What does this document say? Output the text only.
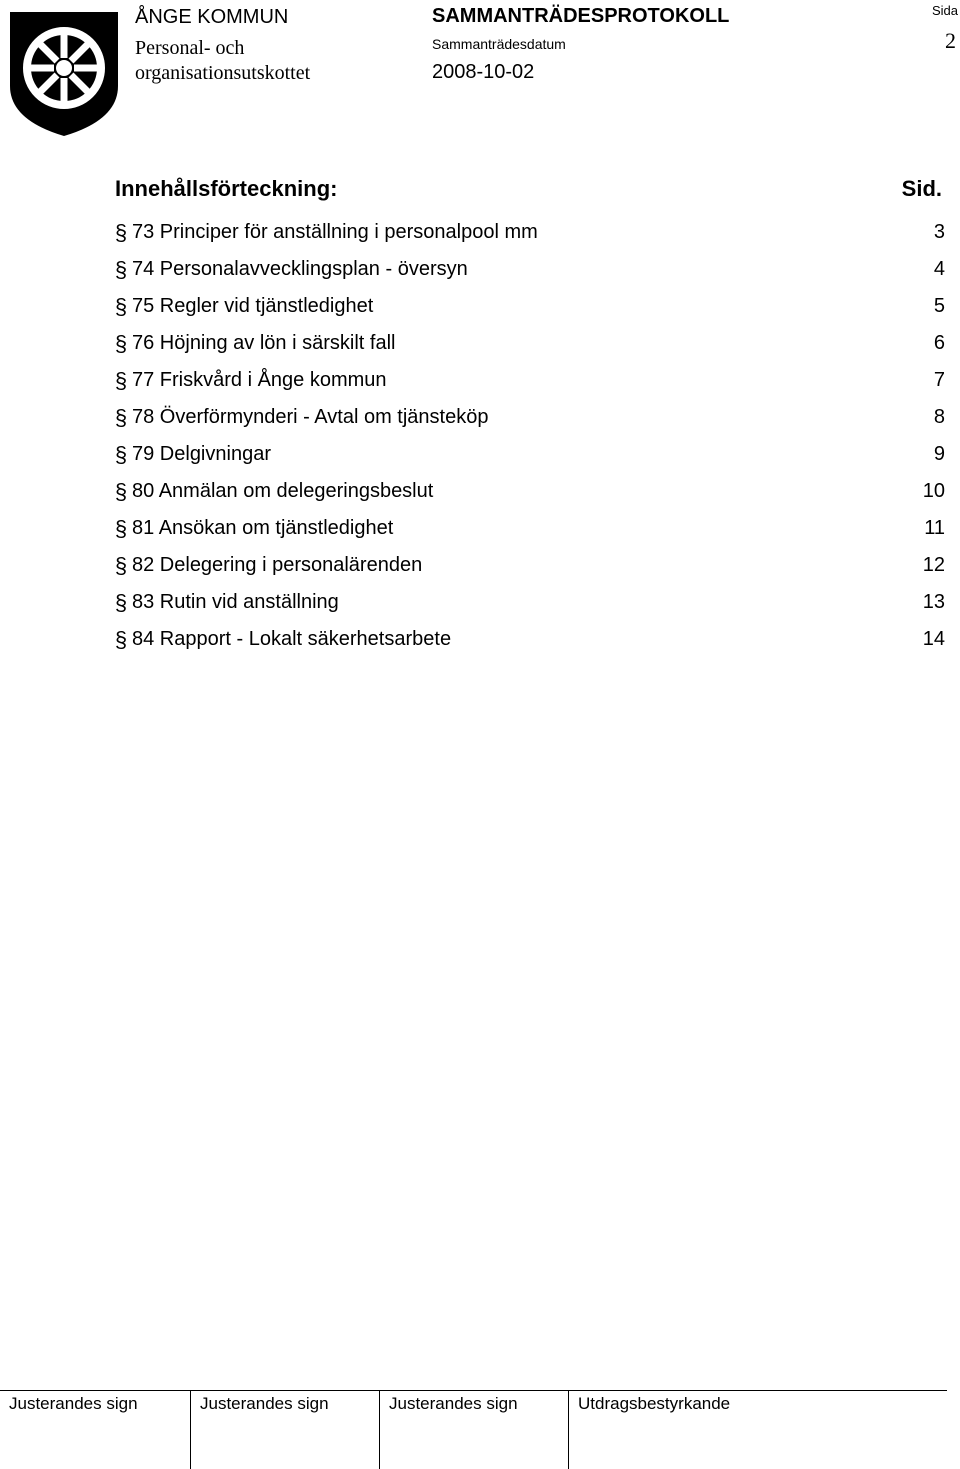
ÅNGE KOMMUN
Personal- och
organisationsutskottet
SAMMANTRÄDESPROTOKOLL
Sammanträdesdatum
2008-10-02
Sida
2
Innehållsförteckning:	Sid.
§ 73 Principer för anställning i personalpool mm	3
§ 74 Personalavvecklingsplan - översyn	4
§ 75 Regler vid tjänstledighet	5
§ 76 Höjning av lön i särskilt fall	6
§ 77 Friskvård i Ånge kommun	7
§ 78 Överförmynderi - Avtal om tjänsteköp	8
§ 79 Delgivningar	9
§ 80 Anmälan om delegeringsbeslut	10
§ 81 Ansökan om tjänstledighet	11
§ 82 Delegering i personalärenden	12
§ 83 Rutin vid anställning	13
§ 84 Rapport - Lokalt säkerhetsarbete	14
Justerandes sign	Justerandes sign	Justerandes sign	Utdragsbestyrkande
